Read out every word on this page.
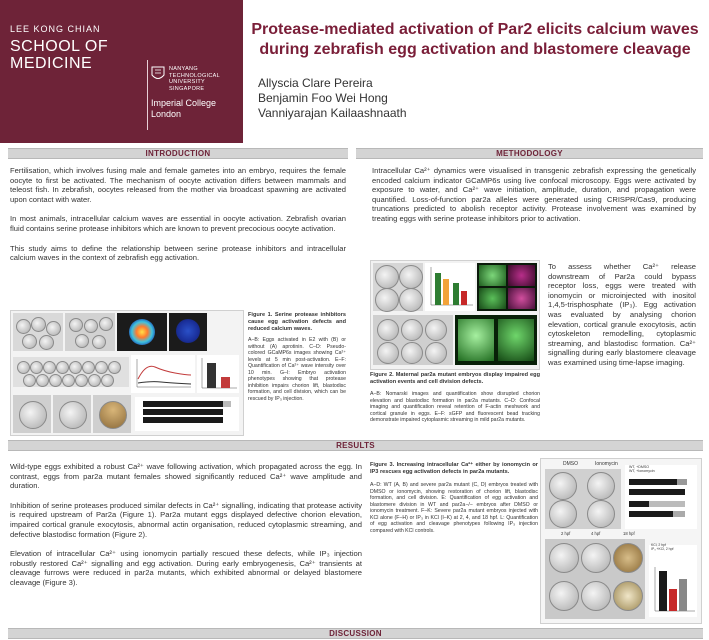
LEE KONG CHIAN
SCHOOL OF
MEDICINE	NANYANG
TECHNOLOGICAL
UNIVERSITY
SINGAPORE
Imperial College
London
Protease-mediated activation of Par2 elicits calcium waves
during zebrafish egg activation and blastomere cleavage
Allyscia Clare Pereira
Benjamin Foo Wei Hong
Vanniyarajan Kailaashnaath
INTRODUCTION

Fertilisation, which involves fusing male and female gametes into an embryo, requires the female oocyte to first be activated. The mechanism of oocyte activation differs between mammals and teleost fish. In zebrafish, oocytes released from the mother via broadcast spawning are activated upon contact with water.

In most animals, intracellular calcium waves are essential in oocyte activation. Zebrafish ovarian fluid contains serine protease inhibitors which are known to prevent precocious oocyte activation.

This study aims to define the relationship between serine protease inhibitors and intracellular calcium waves in the context of zebrafish egg activation.

Figure 1. Serine protease inhibitors cause egg activation defects and reduced calcium waves.

A–B: Eggs activated in E2 with (B) or without (A) aprotinin. C–D: Pseudo-colored GCaMP6s images showing Ca²⁺ levels at 5 min post-activation. E–F: Quantification of Ca²⁺ wave intensity over 10 min. G–I: Embryo activation phenotypes showing that protease inhibition impairs chorion lift, blastodisc formation, and cell division, which can be rescued by IP₃ injection.

METHODOLOGY

Intracellular Ca²⁺ dynamics were visualised in transgenic zebrafish expressing the genetically encoded calcium indicator GCaMP6s using live confocal microscopy. Eggs were activated by exposure to water, and Ca²⁺ wave initiation, amplitude, duration, and propagation were quantified. Loss-of-function par2a alleles were generated using CRISPR/Cas9, producing truncations predicted to abolish receptor activity. Protease involvement was examined by treating eggs with serine protease inhibitors prior to activation.

Figure 2. Maternal par2a mutant embryos display impaired egg activation events and cell division defects.

A–B: Nomarski images and quantification show disrupted chorion elevation and blastodisc formation in par2a mutants. C–D: Confocal imaging and quantification reveal retention of F-actin meshwork and cortical granule in eggs. E–F: sGFP and fluorescent bead tracking demonstrate impaired cytoplasmic streaming in mild par2a mutants.

To assess whether Ca²⁺ release downstream of Par2a could bypass receptor loss, eggs were treated with ionomycin or microinjected with inositol 1,4,5-trisphosphate (IP₃). Egg activation was evaluated by analysing chorion elevation, cortical granule exocytosis, actin cytoskeleton remodelling, cytoplasmic streaming, and blastodisc formation. Ca²⁺ signalling during early blastomere cleavage was examined using time-lapse imaging.

RESULTS

Wild-type eggs exhibited a robust Ca²⁺ wave following activation, which propagated across the egg. In contrast, eggs from par2a mutant females showed significantly reduced Ca²⁺ wave amplitude and duration.

Inhibition of serine proteases produced similar defects in Ca²⁺ signalling, indicating that protease activity is required upstream of Par2a (Figure 1). Par2a mutant eggs displayed defective chorion elevation, impaired cortical granule exocytosis, abnormal actin organisation, reduced cytoplasmic streaming, and defective blastodisc formation (Figure 2).

Elevation of intracellular Ca²⁺ using ionomycin partially rescued these defects, while IP₃ injection robustly restored Ca²⁺ signalling and egg activation. During early embryogenesis, Ca²⁺ transients at cleavage furrows were reduced in par2a mutants, which exhibited abnormal or delayed blastomere cleavage (Figure 3).

Figure 3. Increasing intracellular Ca²⁺ either by ionomycin or IP3 rescues egg activation defects in par2a mutants.

A–D: WT (A, B) and severe par2a mutant (C, D) embryos treated with DMSO or ionomycin, showing restoration of chorion lift, blastodisc formation, and cell division. E: Quantification of egg activation and blastomere division in WT and par2a−/− embryos after DMSO or ionomycin treatment. F–K: Severe par2a mutant embryos injected with KCl alone (F–H) or IP₃ in KCl (I–K) at 2, 4, and 18 hpf. L: Quantification of egg activation and cleavage phenotypes following IP₃ injection compared with KCl controls.

DMSO	Ionomycin	WT, +DMSO
WT, +Ionomycin
2 hpf	4 hpf	18 hpf
KCl, 2 hpf
IP₃ +KCl, 2 hpf
DISCUSSION
